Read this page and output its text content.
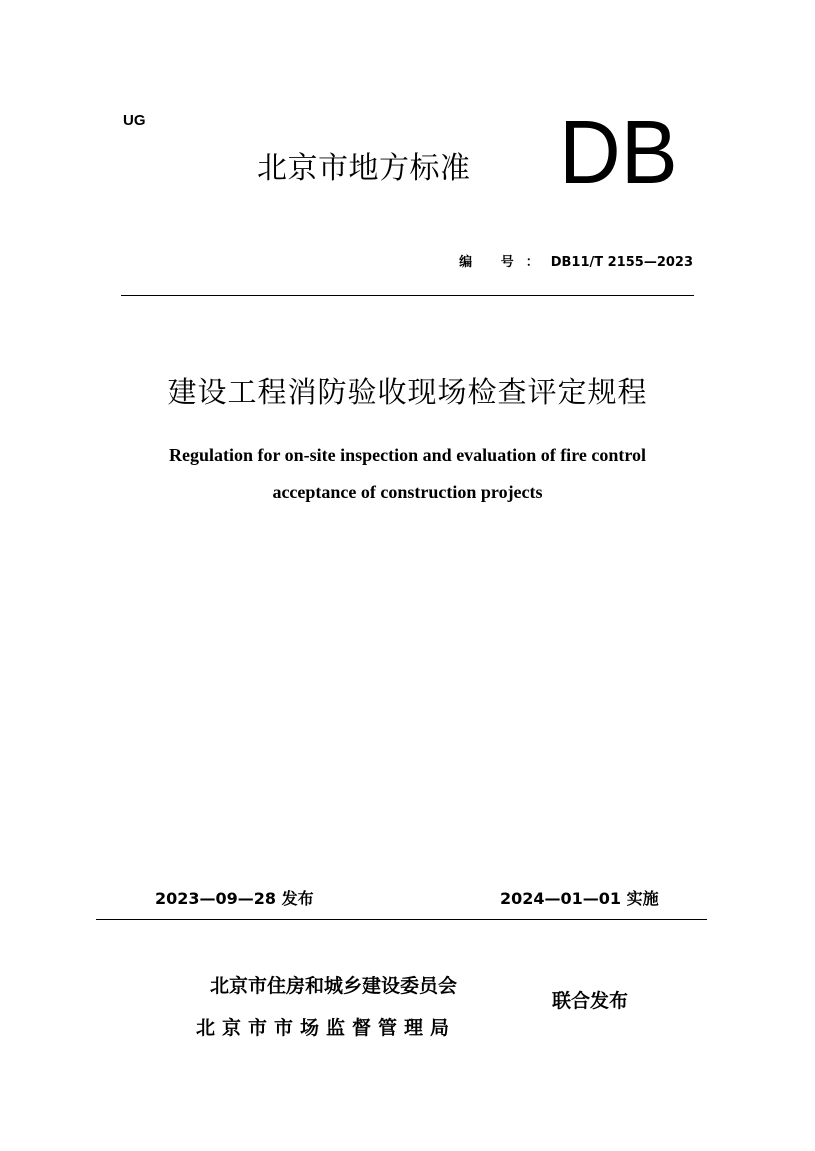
UG
北京市地方标准 DB
编 号：DB11/T 2155—2023
建设工程消防验收现场检查评定规程
Regulation for on-site inspection and evaluation of fire control
acceptance of construction projects
2023—09—28 发布	2024—01—01 实施
北京市住房和城乡建设委员会
北京市市场监督管理局
联合发布
